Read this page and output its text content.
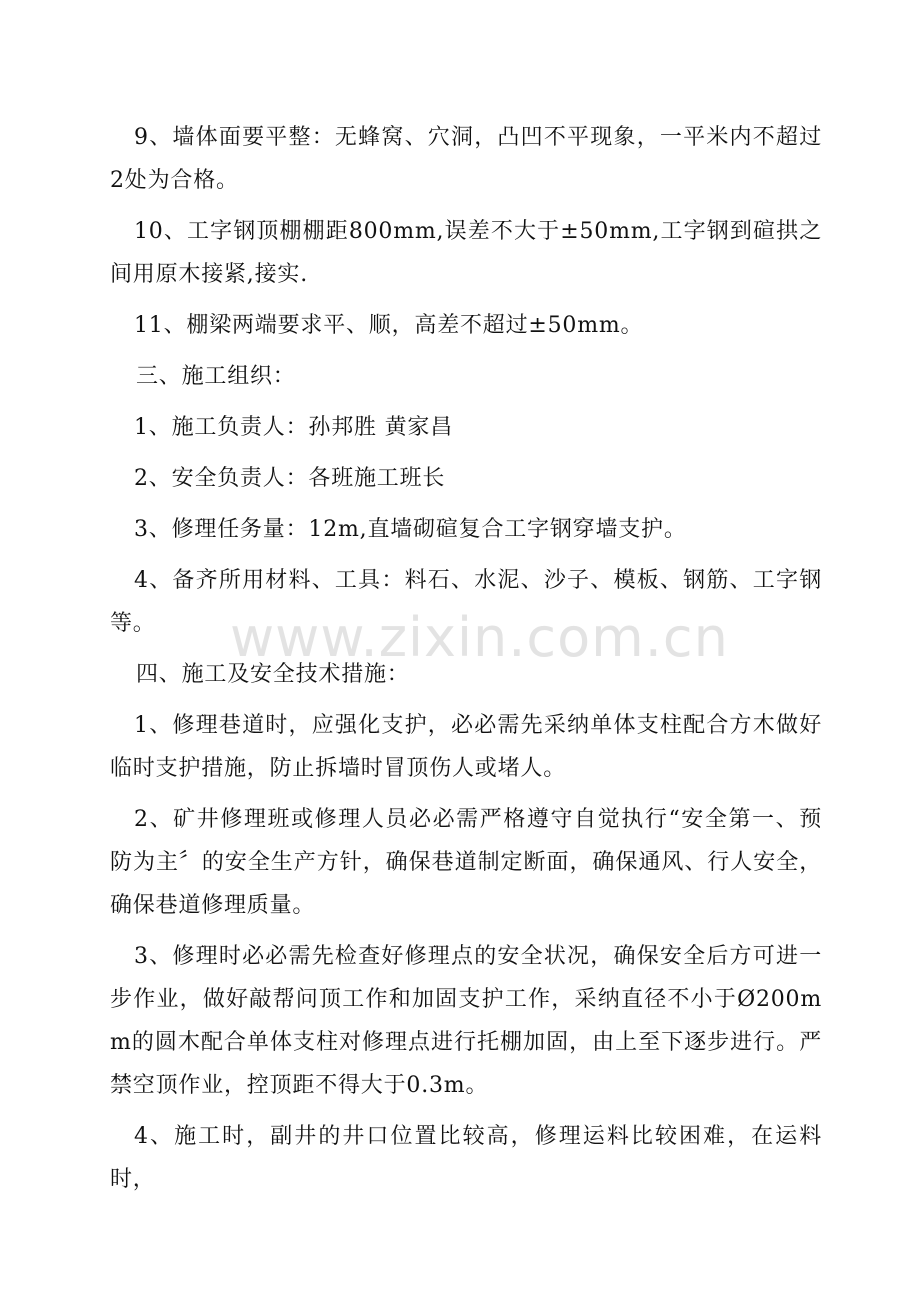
www.zixin.com.cn

9、墙体面要平整：无蜂窝、穴洞，凸凹不平现象，一平米内不超过2处为合格。

10、工字钢顶棚棚距800mm,误差不大于±50mm,工字钢到碹拱之间用原木接紧,接实.

11、棚梁两端要求平、顺，高差不超过±50mm。

三、施工组织：

1、施工负责人：孙邦胜 黄家昌

2、安全负责人：各班施工班长

3、修理任务量：12m,直墙砌碹复合工字钢穿墙支护。

4、备齐所用材料、工具：料石、水泥、沙子、模板、钢筋、工字钢等。

四、施工及安全技术措施：

1、修理巷道时，应强化支护，必必需先采纳单体支柱配合方木做好临时支护措施，防止拆墙时冒顶伤人或堵人。

2、矿井修理班或修理人员必必需严格遵守自觉执行“安全第一、预防为主〞的安全生产方针，确保巷道制定断面，确保通风、行人安全，确保巷道修理质量。

3、修理时必必需先检查好修理点的安全状况，确保安全后方可进一步作业，做好敲帮问顶工作和加固支护工作，采纳直径不小于Ø200mm的圆木配合单体支柱对修理点进行托棚加固，由上至下逐步进行。严禁空顶作业，控顶距不得大于0.3m。

4、施工时，副井的井口位置比较高，修理运料比较困难，在运料时，
